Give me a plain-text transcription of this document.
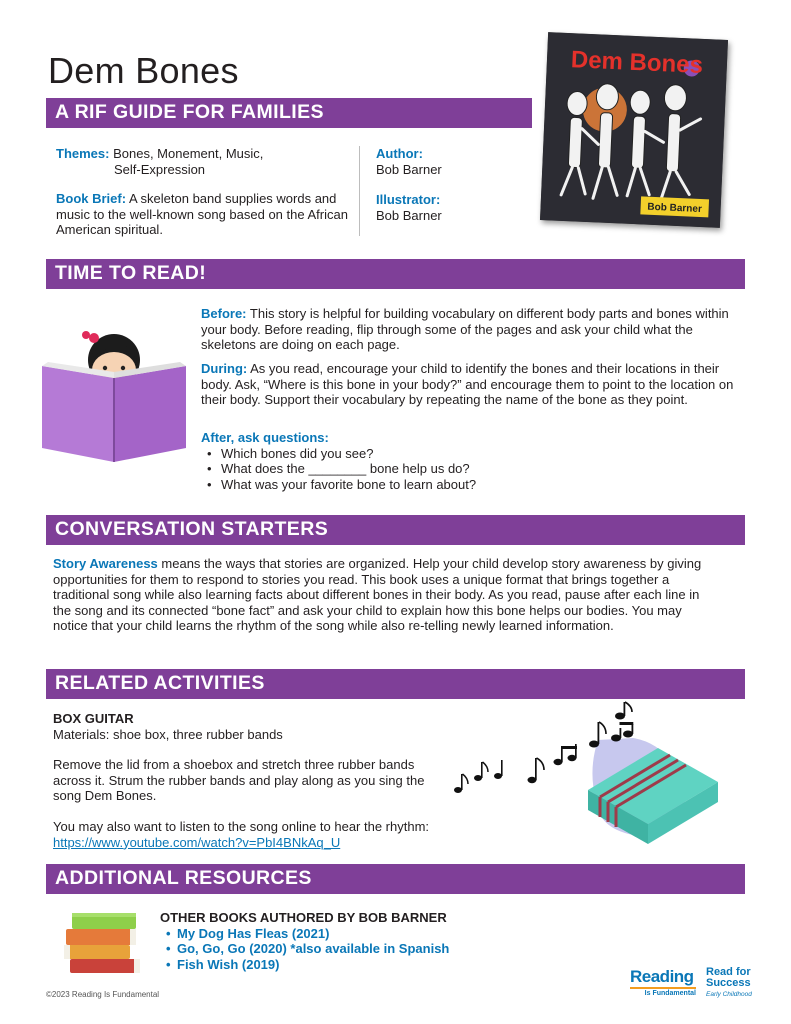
Dem Bones
A RIF GUIDE FOR FAMILIES
Themes: Bones, Monement, Music,
Self-Expression
Book Brief: A skeleton band supplies words and music to the well-known song based on the African American spiritual.
Author:
Bob Barner
Illustrator:
Bob Barner	Bob Barner
Dem Bones
TIME TO READ!
Before: This story is helpful for building vocabulary on different body parts and bones within your body. Before reading, flip through some of the pages and ask your child what the skeletons are doing on each page.
During: As you read, encourage your child to identify the bones and their locations in their body. Ask, “Where is this bone in your body?” and encourage them to point to the location on their body. Support their vocabulary by repeating the name of the bone as they point.
After, ask questions:
• Which bones did you see?
• What does the ________ bone help us do?
• What was your favorite bone to learn about?
CONVERSATION STARTERS
Story Awareness means the ways that stories are organized. Help your child develop story awareness by giving opportunities for them to respond to stories you read. This book uses a unique format that brings together a traditional song while also learning facts about different bones in their body. As you read, pause after each line in the song and its connected “bone fact” and ask your child to explain how this bone helps our bodies. You may notice that your child learns the rhythm of the song while also re-telling newly learned information.
RELATED ACTIVITIES
BOX GUITAR
Materials: shoe box, three rubber bands
Remove the lid from a shoebox and stretch three rubber bands across it. Strum the rubber bands and play along as you sing the song Dem Bones.
You may also want to listen to the song online to hear the rhythm: https://www.youtube.com/watch?v=PbI4BNkAq_U
ADDITIONAL RESOURCES
OTHER BOOKS AUTHORED BY BOB BARNER
• My Dog Has Fleas (2021)
• Go, Go, Go (2020) *also available in Spanish
• Fish Wish (2019)
©2023 Reading Is Fundamental
Reading
Is Fundamental
Read for
Success
Early Childhood
